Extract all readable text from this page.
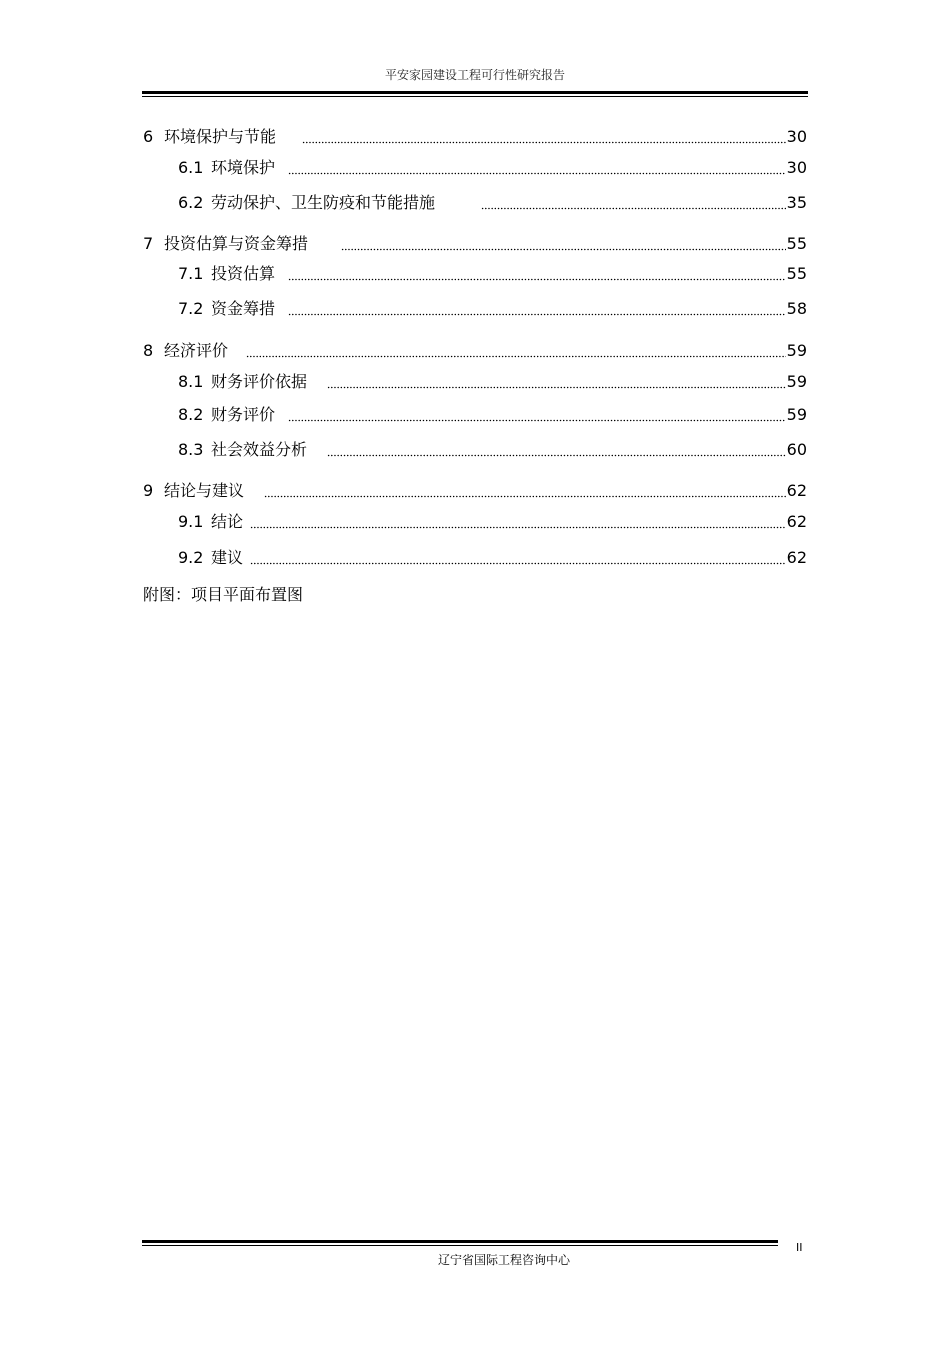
平安家园建设工程可行性研究报告
6 环境保护与节能	30
6.1 环境保护	30
6.2 劳动保护、卫生防疫和节能措施	35
7 投资估算与资金筹措	55
7.1 投资估算	55
7.2 资金筹措	58
8 经济评价	59
8.1 财务评价依据	59
8.2 财务评价	59
8.3 社会效益分析	60
9 结论与建议	62
9.1 结论	62
9.2 建议	62
附图：项目平面布置图
II
辽宁省国际工程咨询中心
